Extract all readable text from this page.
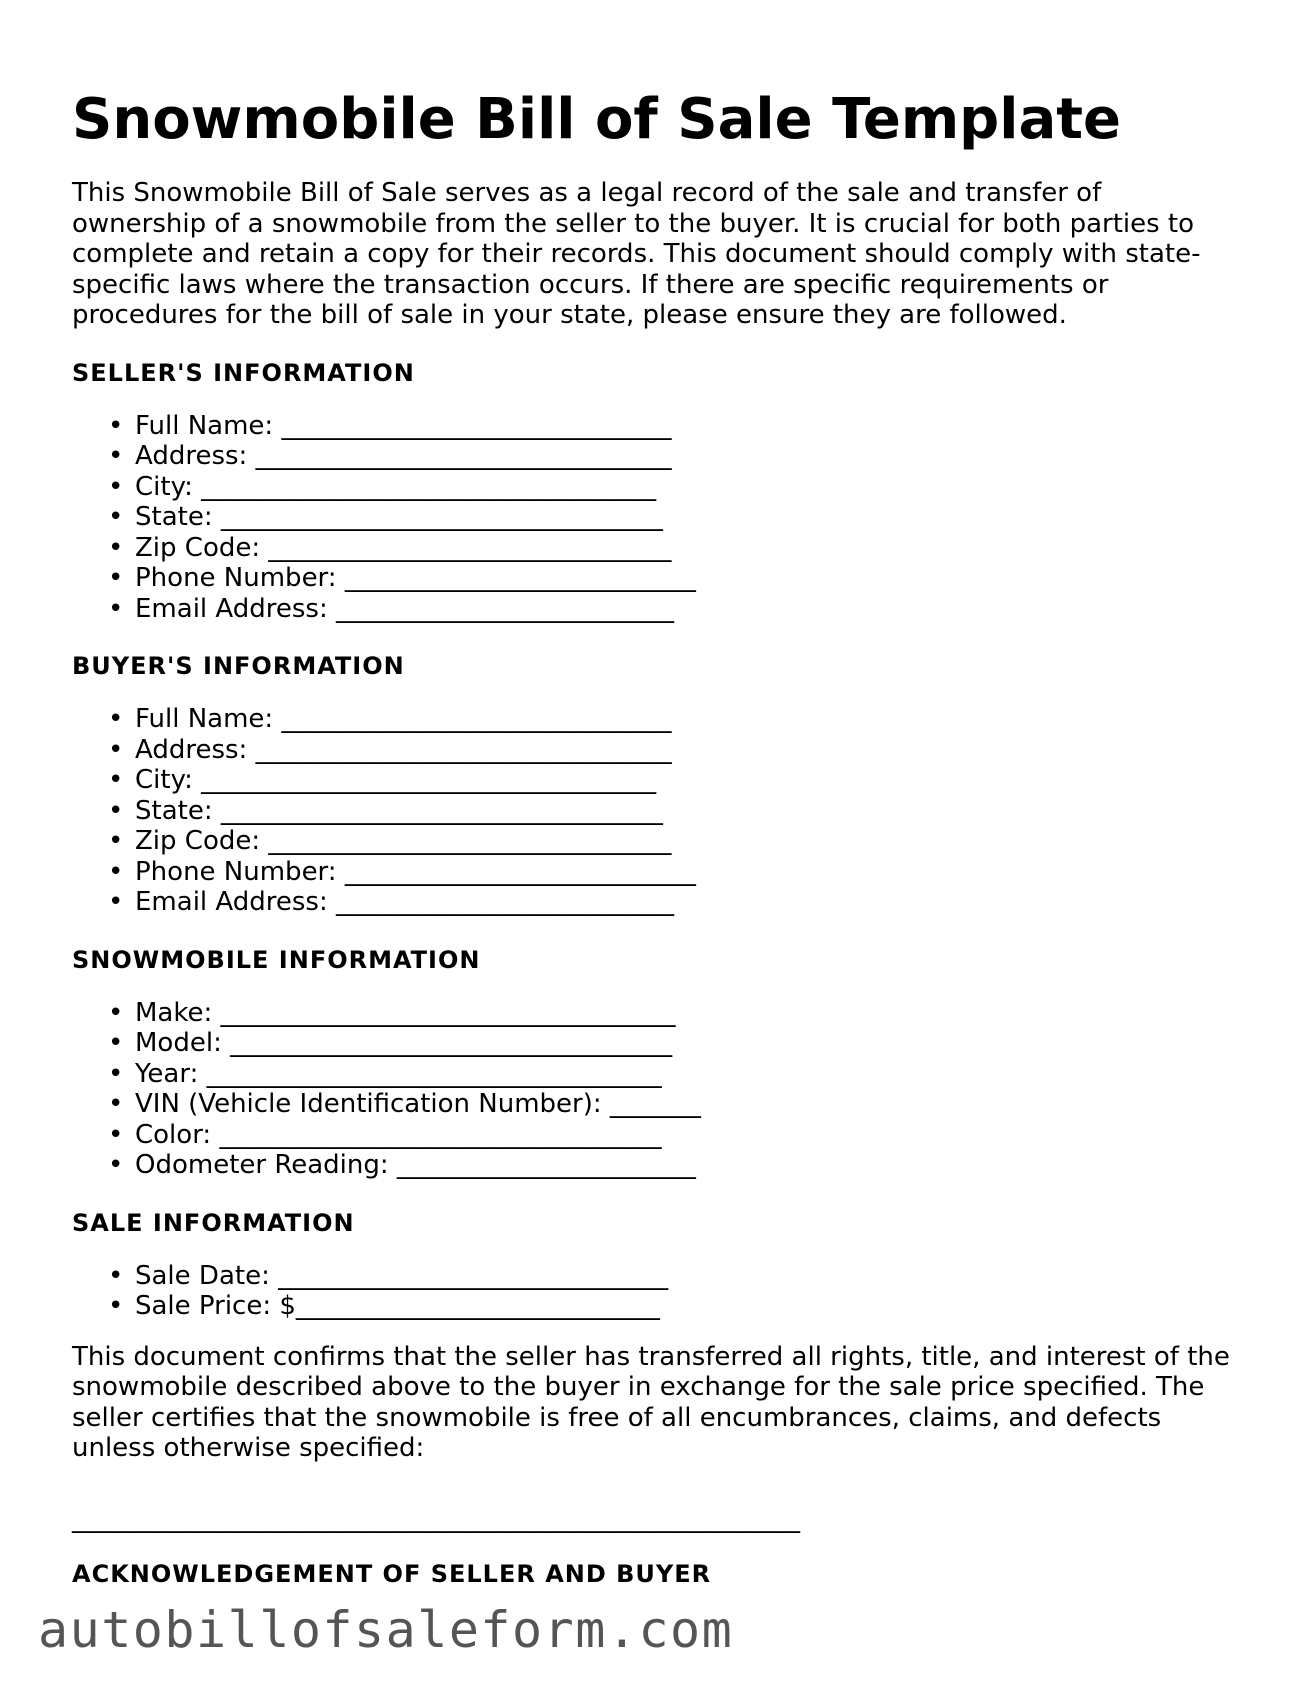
Snowmobile Bill of Sale Template

This Snowmobile Bill of Sale serves as a legal record of the sale and transfer of ownership of a snowmobile from the seller to the buyer. It is crucial for both parties to complete and retain a copy for their records. This document should comply with state-specific laws where the transaction occurs. If there are specific requirements or procedures for the bill of sale in your state, please ensure they are followed.

SELLER'S INFORMATION
• Full Name: ______________________________
• Address: ________________________________
• City: ___________________________________
• State: __________________________________
• Zip Code: _______________________________
• Phone Number: ___________________________
• Email Address: __________________________
BUYER'S INFORMATION
• Full Name: ______________________________
• Address: ________________________________
• City: ___________________________________
• State: __________________________________
• Zip Code: _______________________________
• Phone Number: ___________________________
• Email Address: __________________________
SNOWMOBILE INFORMATION
• Make: ___________________________________
• Model: __________________________________
• Year: ___________________________________
• VIN (Vehicle Identification Number): _______
• Color: __________________________________
• Odometer Reading: _______________________
SALE INFORMATION
• Sale Date: ______________________________
• Sale Price: $____________________________

This document confirms that the seller has transferred all rights, title, and interest of the snowmobile described above to the buyer in exchange for the sale price specified. The seller certifies that the snowmobile is free of all encumbrances, claims, and defects unless otherwise specified:

________________________________________________________
ACKNOWLEDGEMENT OF SELLER AND BUYER
autobillofsaleform.com
